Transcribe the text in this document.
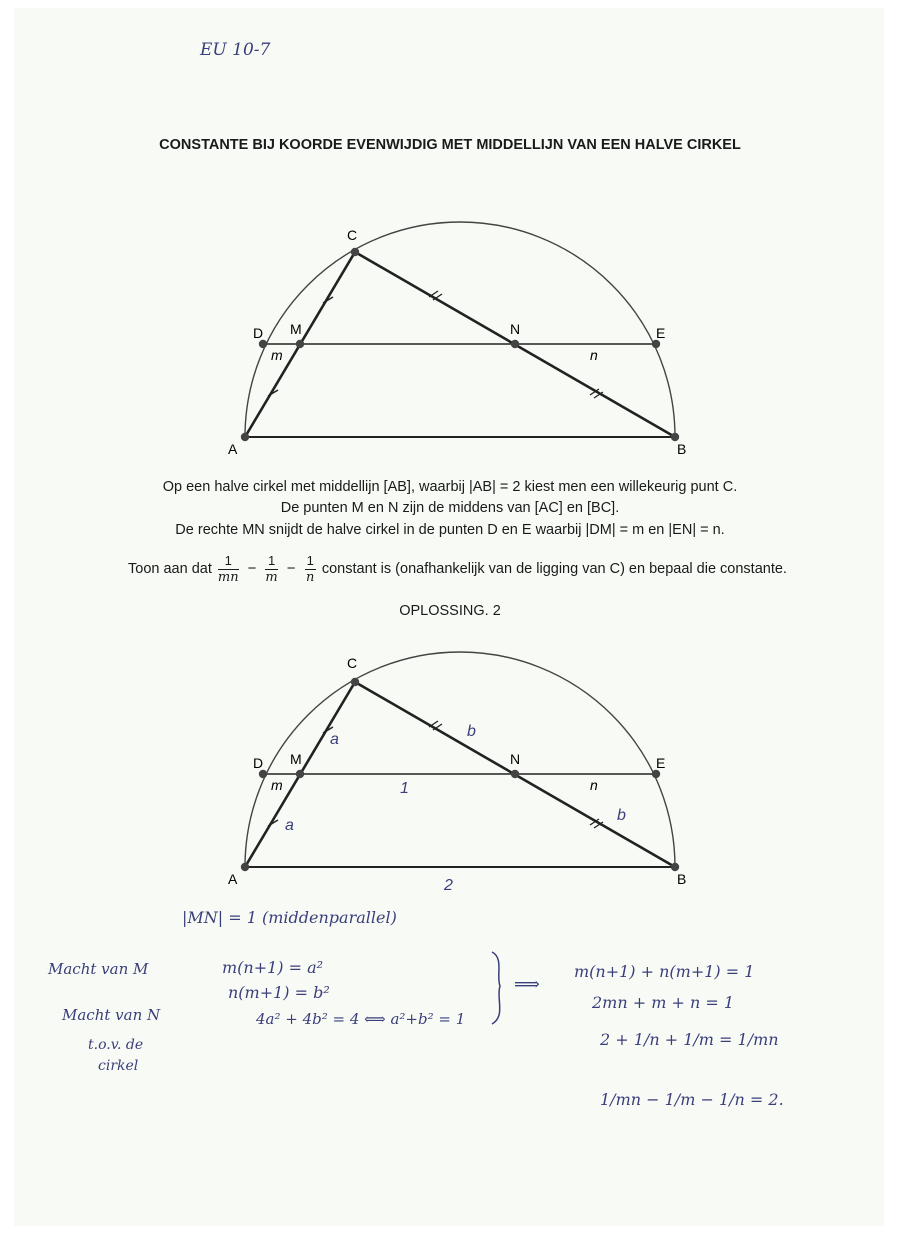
EU 10-7
CONSTANTE BIJ KOORDE EVENWIJDIG MET MIDDELLIJN VAN EEN HALVE CIRKEL
A	B
C
D M	N	E
m	n
Op een halve cirkel met middellijn [AB], waarbij |AB| = 2 kiest men een willekeurig punt C.
De punten M en N zijn de middens van [AC] en [BC].
De rechte MN snijdt de halve cirkel in de punten D en E waarbij |DM| = m en |EN| = n.
Toon aan dat $\frac{1}{mn} - \frac{1}{m} - \frac{1}{n}$ constant is (onafhankelijk van de ligging van C) en bepaal die constante.
OPLOSSING. 2
A	B
C
D M	N	E
m	n
a
a
b
b
1
2
|MN| = 1 (middenparallel)
Macht van M
Macht van N
t.o.v. de
cirkel
m(n+1) = a²
n(m+1) = b²
4a² + 4b² = 4 ⟺ a²+b² = 1
⟹
m(n+1) + n(m+1) = 1
2mn + m + n = 1
2 + 1/n + 1/m = 1/mn
1/mn − 1/m − 1/n = 2.
